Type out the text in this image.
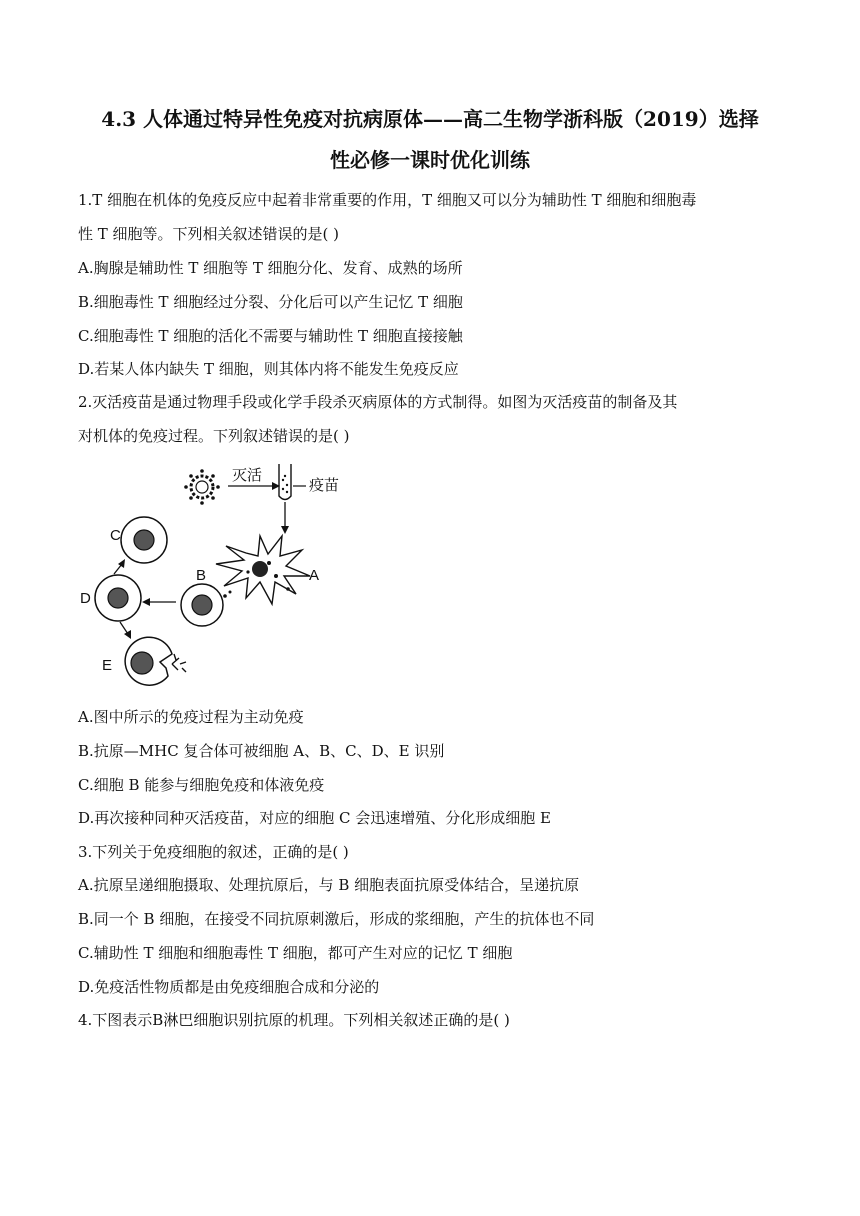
4.3 人体通过特异性免疫对抗病原体——高二生物学浙科版（2019）选择
性必修一课时优化训练
1.T 细胞在机体的免疫反应中起着非常重要的作用，T 细胞又可以分为辅助性 T 细胞和细胞毒
性 T 细胞等。下列相关叙述错误的是( )
A.胸腺是辅助性 T 细胞等 T 细胞分化、发育、成熟的场所
B.细胞毒性 T 细胞经过分裂、分化后可以产生记忆 T 细胞
C.细胞毒性 T 细胞的活化不需要与辅助性 T 细胞直接接触
D.若某人体内缺失 T 细胞，则其体内将不能发生免疫反应
2.灭活疫苗是通过物理手段或化学手段杀灭病原体的方式制得。如图为灭活疫苗的制备及其
对机体的免疫过程。下列叙述错误的是( )
灭活
疫苗
A
C
D
B
E
A.图中所示的免疫过程为主动免疫
B.抗原—MHC 复合体可被细胞 A、B、C、D、E 识别
C.细胞 B 能参与细胞免疫和体液免疫
D.再次接种同种灭活疫苗，对应的细胞 C 会迅速增殖、分化形成细胞 E
3.下列关于免疫细胞的叙述，正确的是( )
A.抗原呈递细胞摄取、处理抗原后，与 B 细胞表面抗原受体结合，呈递抗原
B.同一个 B 细胞，在接受不同抗原刺激后，形成的浆细胞，产生的抗体也不同
C.辅助性 T 细胞和细胞毒性 T 细胞，都可产生对应的记忆 T 细胞
D.免疫活性物质都是由免疫细胞合成和分泌的
4.下图表示B淋巴细胞识别抗原的机理。下列相关叙述正确的是( )
